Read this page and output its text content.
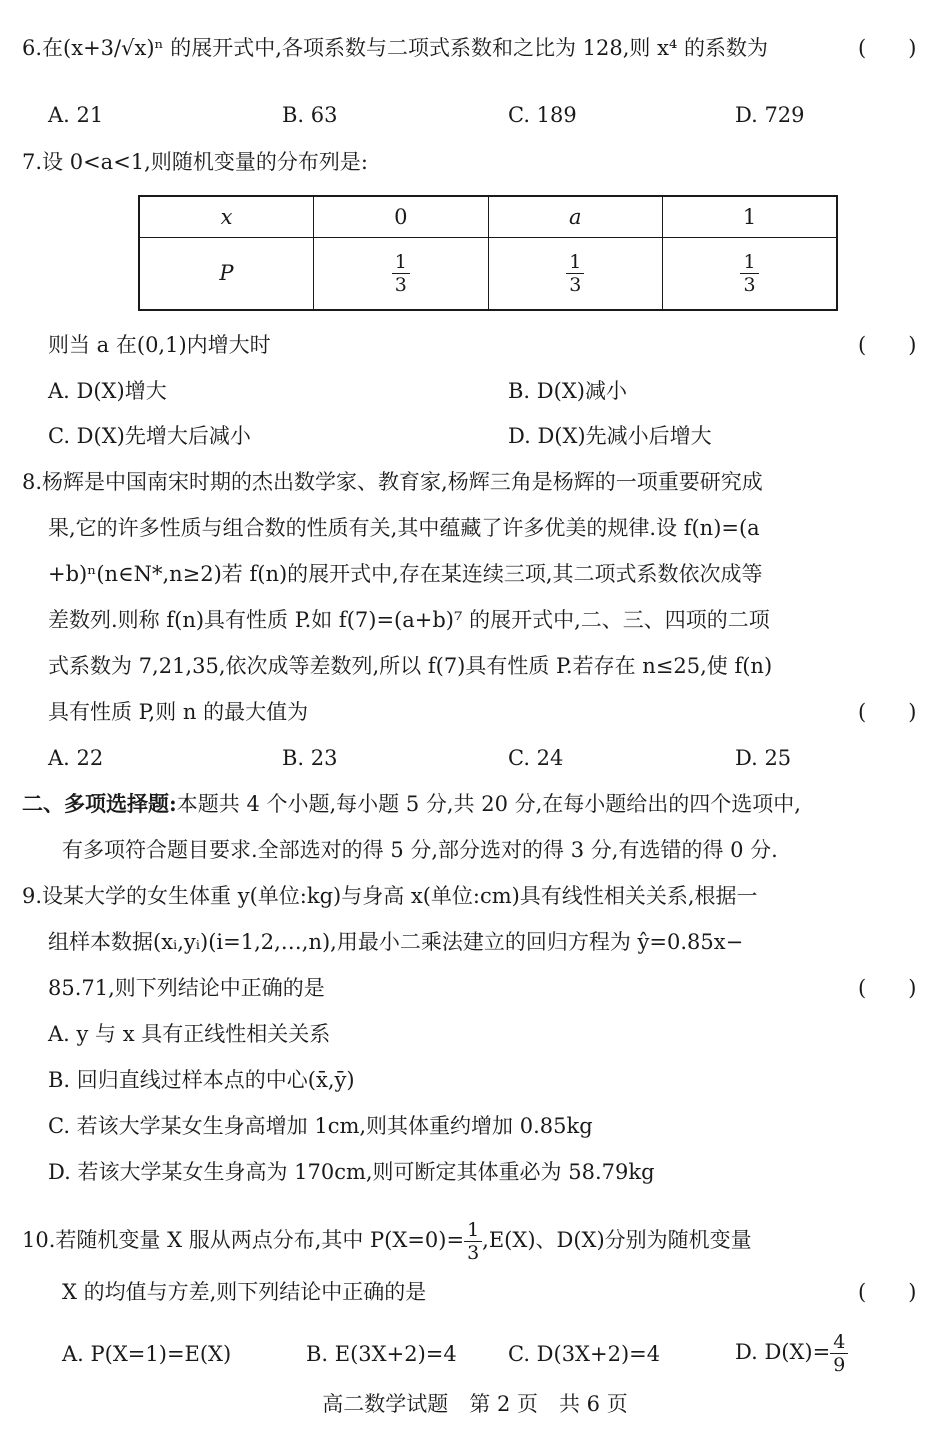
6.在(x+3/√x)ⁿ 的展开式中,各项系数与二项式系数和之比为 128,则 x⁴ 的系数为	(　　)
A. 21	B. 63	C. 189	D. 729
7.设 0<a<1,则随机变量的分布列是:
x	0	a	1
P	$\frac{1}{3}$	$\frac{1}{3}$	$\frac{1}{3}$
则当 a 在(0,1)内增大时	(　　)
A. D(X)增大	B. D(X)减小
C. D(X)先增大后减小	D. D(X)先减小后增大
8.杨辉是中国南宋时期的杰出数学家、教育家,杨辉三角是杨辉的一项重要研究成
果,它的许多性质与组合数的性质有关,其中蕴藏了许多优美的规律.设 f(n)=(a
+b)ⁿ(n∈N*,n≥2)若 f(n)的展开式中,存在某连续三项,其二项式系数依次成等
差数列.则称 f(n)具有性质 P.如 f(7)=(a+b)⁷ 的展开式中,二、三、四项的二项
式系数为 7,21,35,依次成等差数列,所以 f(7)具有性质 P.若存在 n≤25,使 f(n)
具有性质 P,则 n 的最大值为	(　　)
A. 22	B. 23	C. 24	D. 25
二、多项选择题:本题共 4 个小题,每小题 5 分,共 20 分,在每小题给出的四个选项中,
有多项符合题目要求.全部选对的得 5 分,部分选对的得 3 分,有选错的得 0 分.
9.设某大学的女生体重 y(单位:kg)与身高 x(单位:cm)具有线性相关关系,根据一
组样本数据(xᵢ,yᵢ)(i=1,2,…,n),用最小二乘法建立的回归方程为 ŷ=0.85x−
85.71,则下列结论中正确的是	(　　)
A. y 与 x 具有正线性相关关系
B. 回归直线过样本点的中心(x̄,ȳ)
C. 若该大学某女生身高增加 1cm,则其体重约增加 0.85kg
D. 若该大学某女生身高为 170cm,则可断定其体重必为 58.79kg
10.若随机变量 X 服从两点分布,其中 $P(X=0)= \frac{1}{3} ,E(X)$、D(X)分别为随机变量
X 的均值与方差,则下列结论中正确的是	(　　)
A. P(X=1)=E(X)	B. E(3X+2)=4 C. D(3X+2)=4	D. $D(X)= \frac{4}{9}$
高二数学试题　第 2 页　共 6 页
